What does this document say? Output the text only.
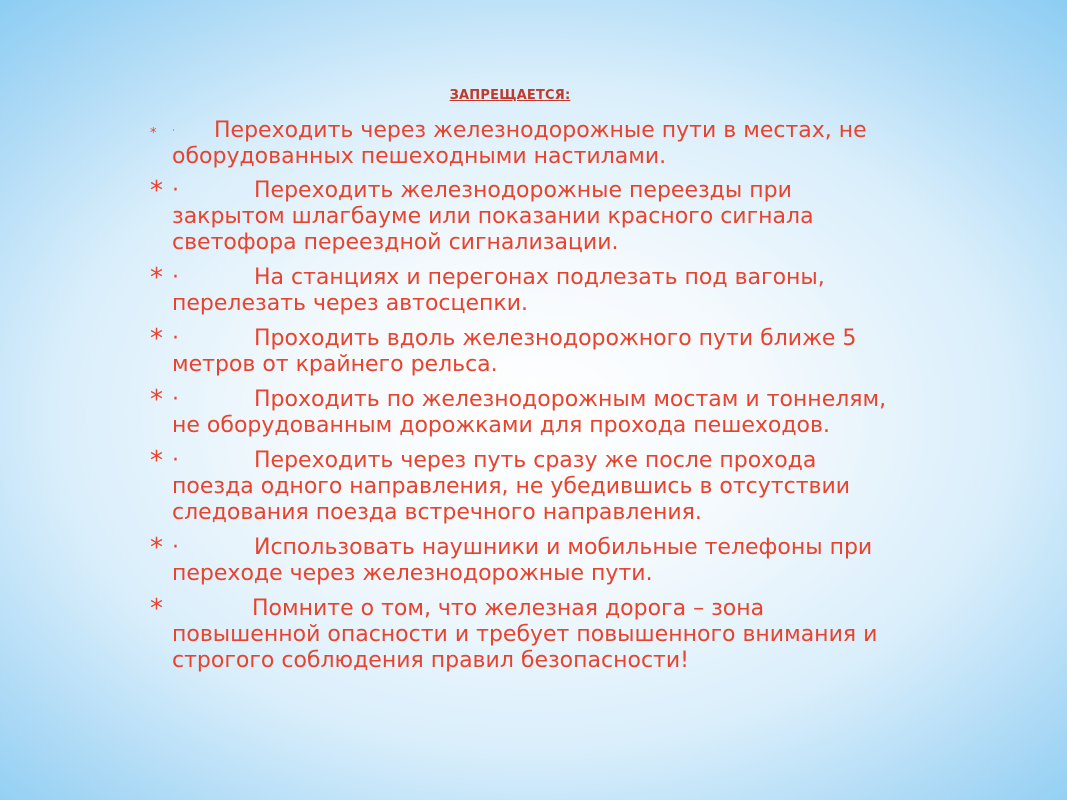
ЗАПРЕЩАЕТСЯ:
* · Переходить через железнодорожные пути в местах, не оборудованных пешеходными настилами.
* ·	Переходить железнодорожные переезды при закрытом шлагбауме или показании красного сигнала светофора переездной сигнализации.
* ·	На станциях и перегонах подлезать под вагоны, перелезать через автосцепки.
* ·	Проходить вдоль железнодорожного пути ближе 5 метров от крайнего рельса.
* ·	Проходить по железнодорожным мостам и тоннелям, не оборудованным дорожками для прохода пешеходов.
* ·	Переходить через путь сразу же после прохода поезда одного направления, не убедившись в отсутствии следования поезда встречного направления.
* ·	Использовать наушники и мобильные телефоны при переходе через железнодорожные пути.
*	Помните о том, что железная дорога – зона повышенной опасности и требует повышенного внимания и строгого соблюдения правил безопасности!
